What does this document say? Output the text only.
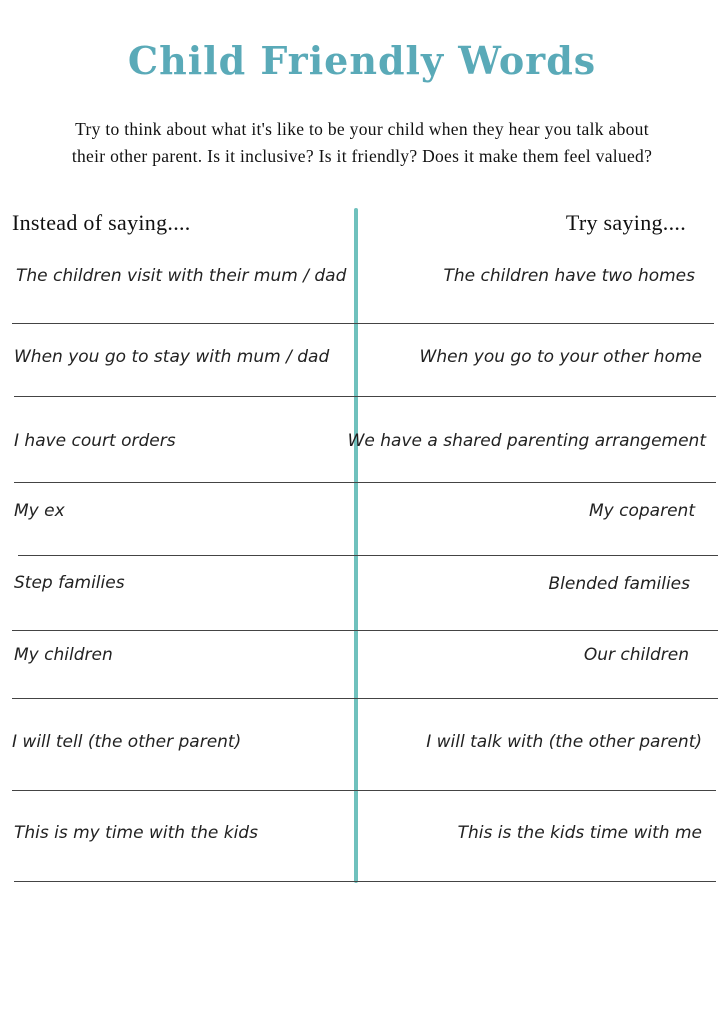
Child Friendly Words
Try to think about what it's like to be your child when they hear you talk about their other parent. Is it inclusive? Is it friendly? Does it make them feel valued?
Instead of saying....	Try saying....
The children visit with their mum / dad	The children have two homes
When you go to stay with mum / dad	When you go to your other home
I have court orders	We have a shared parenting arrangement
My ex	My coparent
Step families	Blended families
My children	Our children
I will tell (the other parent)	I will talk with (the other parent)
This is my time with the kids	This is the kids time with me
